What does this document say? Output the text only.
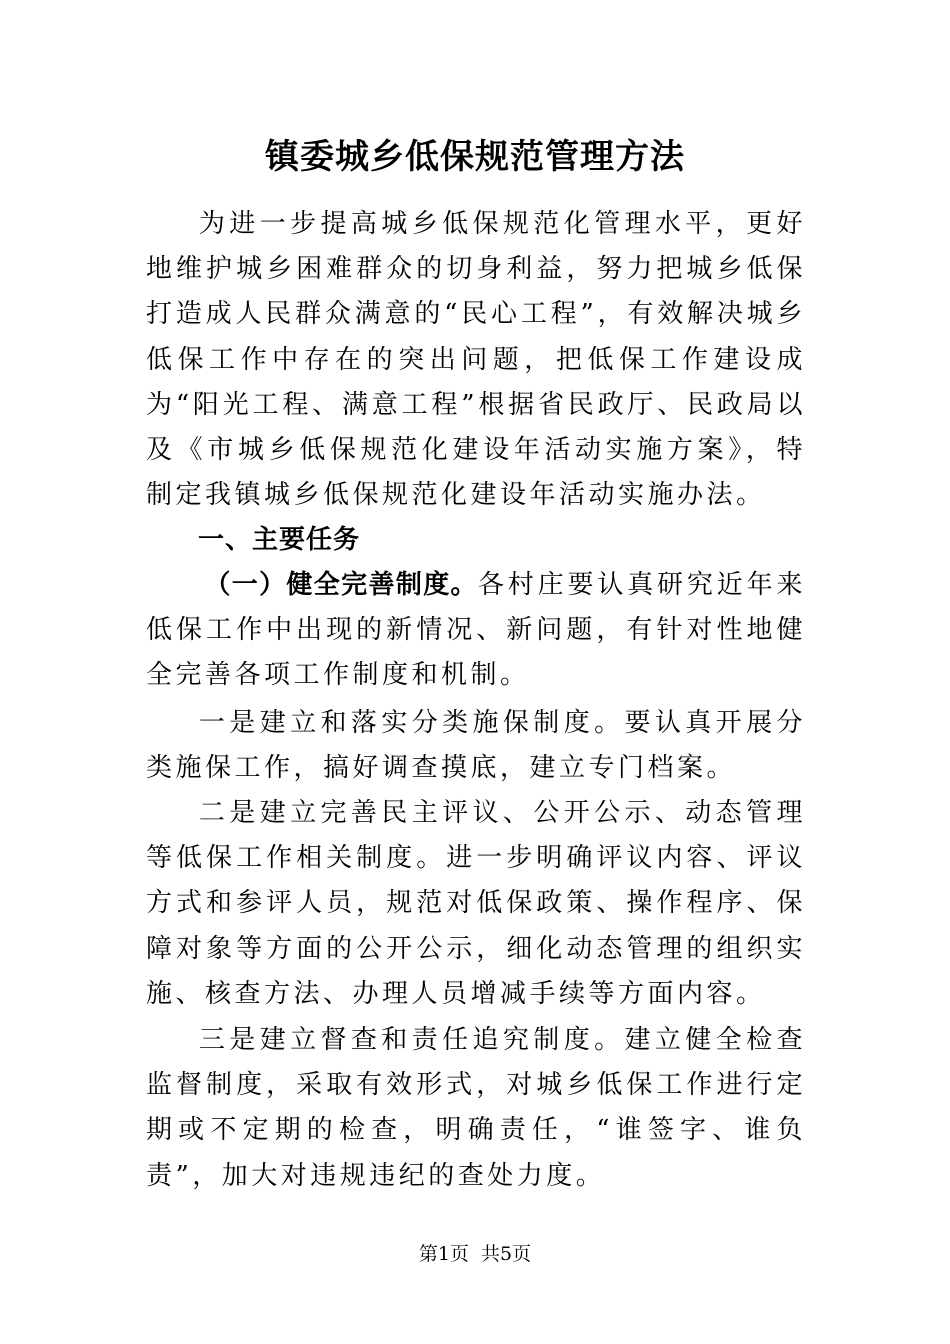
镇委城乡低保规范管理方法
为进一步提高城乡低保规范化管理水平，更好地维护城乡困难群众的切身利益，努力把城乡低保打造成人民群众满意的“民心工程”，有效解决城乡低保工作中存在的突出问题，把低保工作建设成为“阳光工程、满意工程”根据省民政厅、民政局以及《市城乡低保规范化建设年活动实施方案》，特制定我镇城乡低保规范化建设年活动实施办法。
一、主要任务
（一）健全完善制度。各村庄要认真研究近年来低保工作中出现的新情况、新问题，有针对性地健全完善各项工作制度和机制。
一是建立和落实分类施保制度。要认真开展分类施保工作，搞好调查摸底，建立专门档案。
二是建立完善民主评议、公开公示、动态管理等低保工作相关制度。进一步明确评议内容、评议方式和参评人员，规范对低保政策、操作程序、保障对象等方面的公开公示，细化动态管理的组织实施、核查方法、办理人员增减手续等方面内容。
三是建立督查和责任追究制度。建立健全检查监督制度，采取有效形式，对城乡低保工作进行定期或不定期的检查，明确责任，“谁签字、谁负责”，加大对违规违纪的查处力度。
第1页 共5页
